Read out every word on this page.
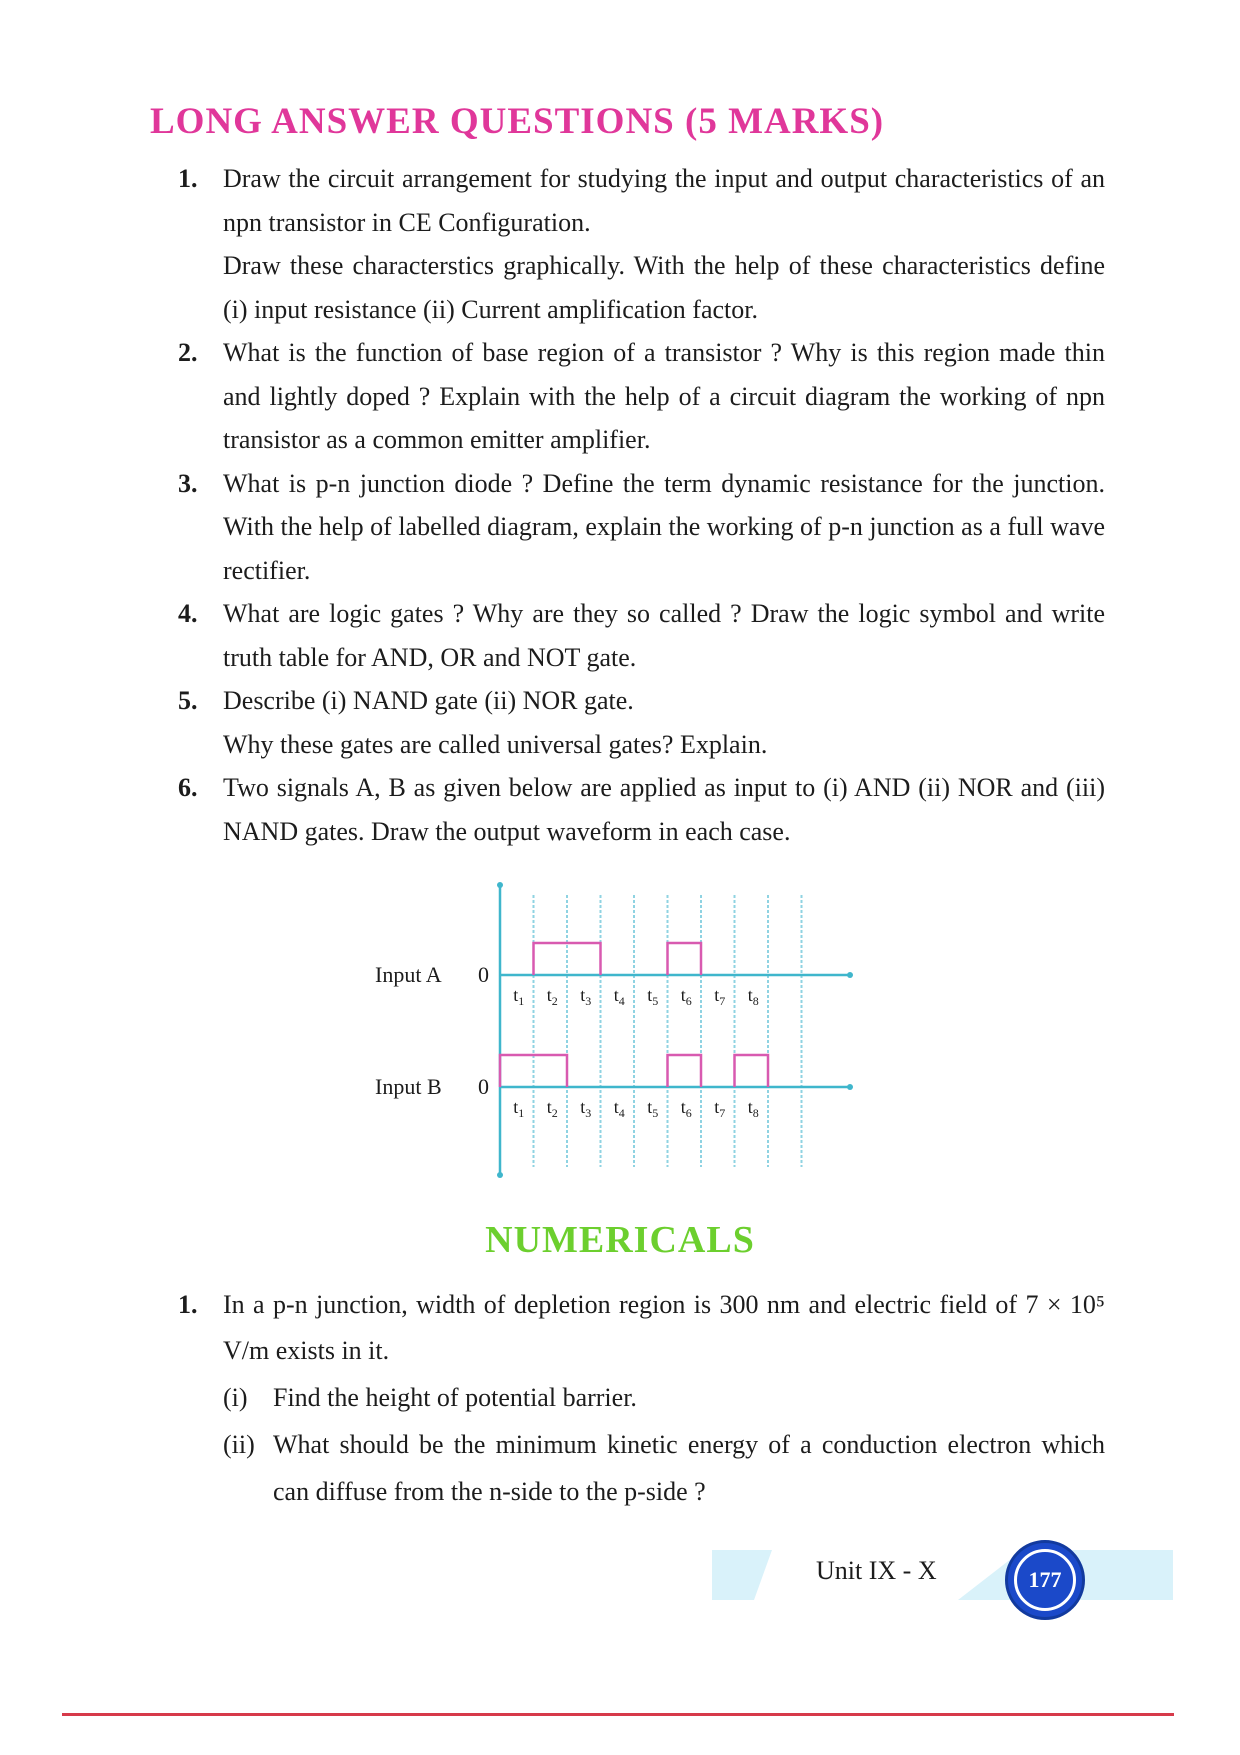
LONG ANSWER QUESTIONS (5 MARKS)
1. Draw the circuit arrangement for studying the input and output characteristics of an npn transistor in CE Configuration.

Draw these characterstics graphically. With the help of these characteristics define (i) input resistance (ii) Current amplification factor.

2. What is the function of base region of a transistor ? Why is this region made thin and lightly doped ? Explain with the help of a circuit diagram the working of npn transistor as a common emitter amplifier.

3. What is p-n junction diode ? Define the term dynamic resistance for the junction. With the help of labelled diagram, explain the working of p-n junction as a full wave rectifier.

4. What are logic gates ? Why are they so called ? Draw the logic symbol and write truth table for AND, OR and NOT gate.

5. Describe (i) NAND gate (ii) NOR gate.

Why these gates are called universal gates? Explain.

6. Two signals A, B as given below are applied as input to (i) AND (ii) NOR and (iii) NAND gates. Draw the output waveform in each case.

Input A
Input B
0
0
$t_1$ $t_2$ $t_3$ $t_4$ $t_5$ $t_6$ $t_7$ $t_8$
$t_1$ $t_2$ $t_3$ $t_4$ $t_5$ $t_6$ $t_7$ $t_8$
NUMERICALS
1. In a p-n junction, width of depletion region is 300 nm and electric field of 7 × 10⁵ V/m exists in it.

(i) Find the height of potential barrier.
(ii) What should be the minimum kinetic energy of a conduction electron which can diffuse from the n-side to the p-side ?
Unit IX - X	177
